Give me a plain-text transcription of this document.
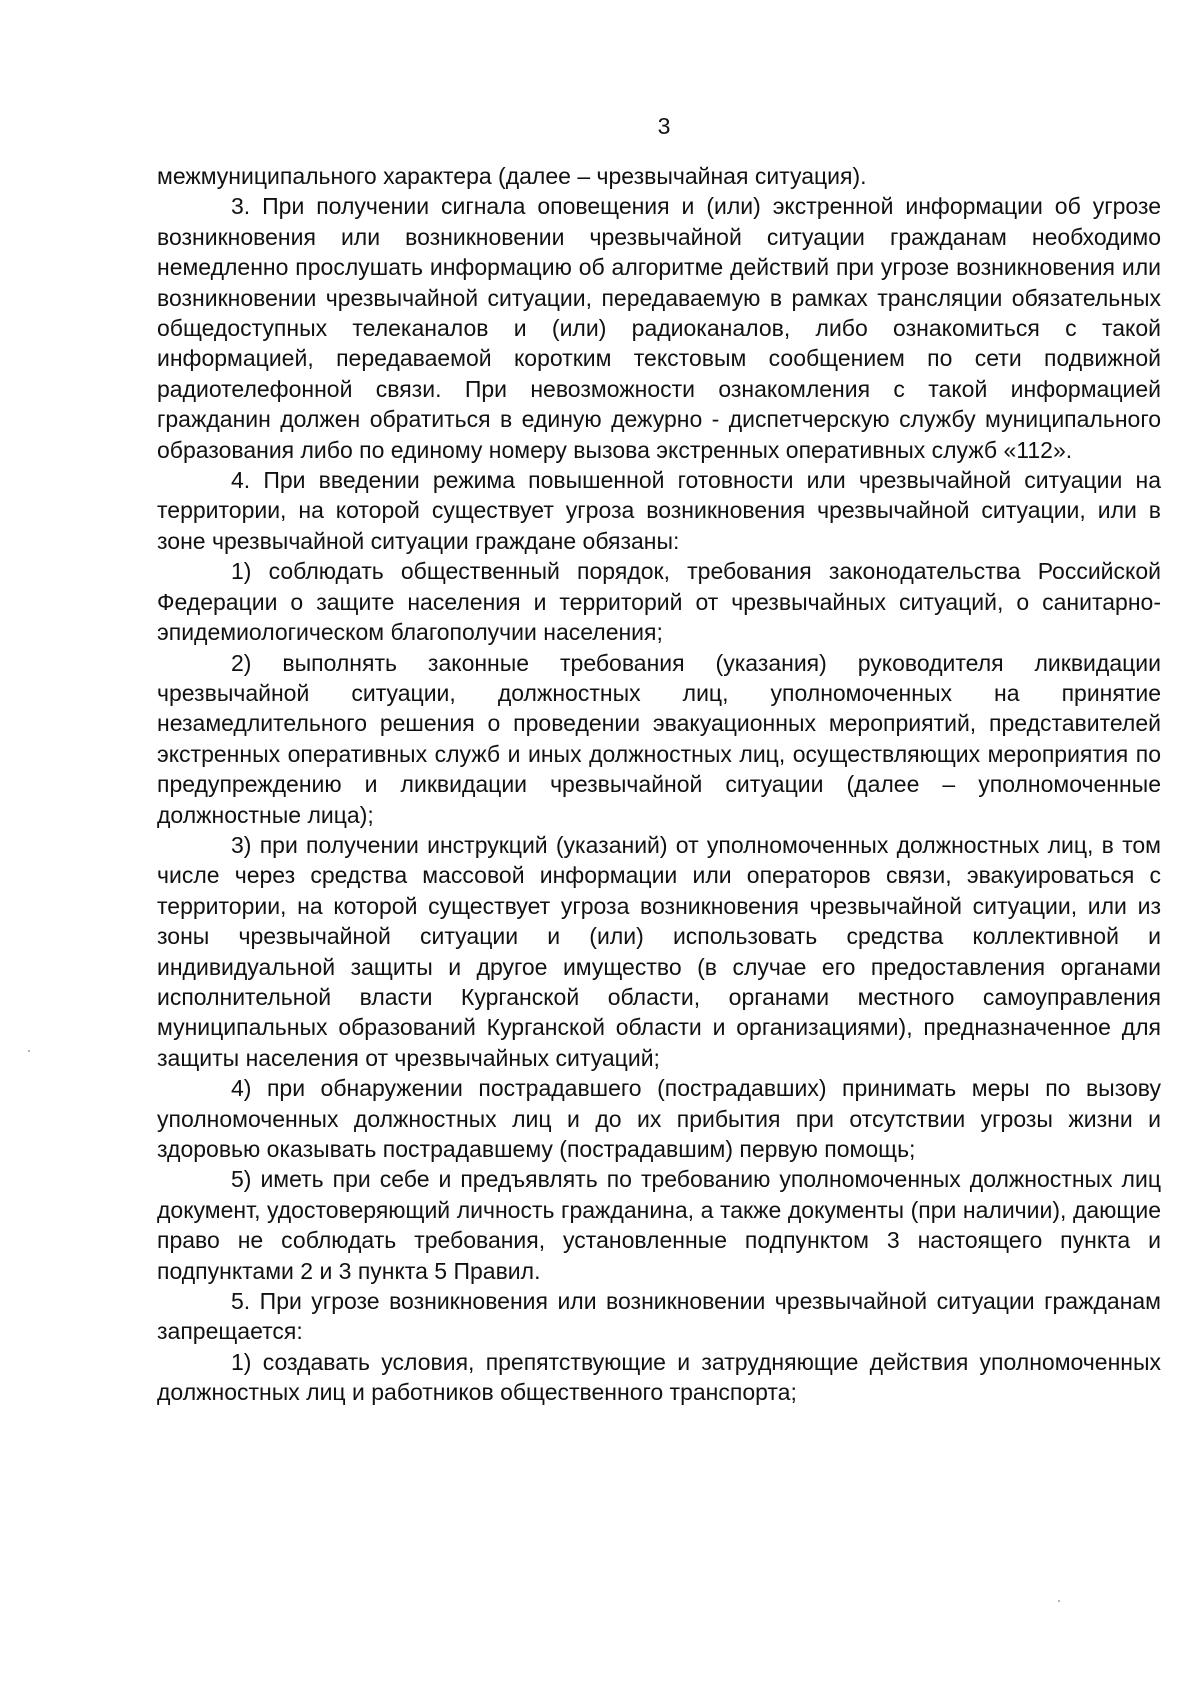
3

межмуниципального характера (далее – чрезвычайная ситуация).

3. При получении сигнала оповещения и (или) экстренной информации об угрозе возникновения или возникновении чрезвычайной ситуации гражданам необходимо немедленно прослушать информацию об алгоритме действий при угрозе возникновения или возникновении чрезвычайной ситуации, передаваемую в рамках трансляции обязательных общедоступных телеканалов и (или) радиоканалов, либо ознакомиться с такой информацией, передаваемой коротким текстовым сообщением по сети подвижной радиотелефонной связи. При невозможности ознакомления с такой информацией гражданин должен обратиться в единую дежурно - диспетчерскую службу муниципального образования либо по единому номеру вызова экстренных оперативных служб «112».

4. При введении режима повышенной готовности или чрезвычайной ситуации на территории, на которой существует угроза возникновения чрезвычайной ситуации, или в зоне чрезвычайной ситуации граждане обязаны:

1) соблюдать общественный порядок, требования законодательства Российской Федерации о защите населения и территорий от чрезвычайных ситуаций, о санитарно-эпидемиологическом благополучии населения;

2) выполнять законные требования (указания) руководителя ликвидации чрезвычайной ситуации, должностных лиц, уполномоченных на принятие незамедлительного решения о проведении эвакуационных мероприятий, представителей экстренных оперативных служб и иных должностных лиц, осуществляющих мероприятия по предупреждению и ликвидации чрезвычайной ситуации (далее – уполномоченные должностные лица);

3) при получении инструкций (указаний) от уполномоченных должностных лиц, в том числе через средства массовой информации или операторов связи, эвакуироваться с территории, на которой существует угроза возникновения чрезвычайной ситуации, или из зоны чрезвычайной ситуации и (или) использовать средства коллективной и индивидуальной защиты и другое имущество (в случае его предоставления органами исполнительной власти Курганской области, органами местного самоуправления муниципальных образований Курганской области и организациями), предназначенное для защиты населения от чрезвычайных ситуаций;

4) при обнаружении пострадавшего (пострадавших) принимать меры по вызову уполномоченных должностных лиц и до их прибытия при отсутствии угрозы жизни и здоровью оказывать пострадавшему (пострадавшим) первую помощь;

5) иметь при себе и предъявлять по требованию уполномоченных должностных лиц документ, удостоверяющий личность гражданина, а также документы (при наличии), дающие право не соблюдать требования, установленные подпунктом 3 настоящего пункта и подпунктами 2 и 3 пункта 5 Правил.

5. При угрозе возникновения или возникновении чрезвычайной ситуации гражданам запрещается:

1) создавать условия, препятствующие и затрудняющие действия уполномоченных должностных лиц и работников общественного транспорта;
